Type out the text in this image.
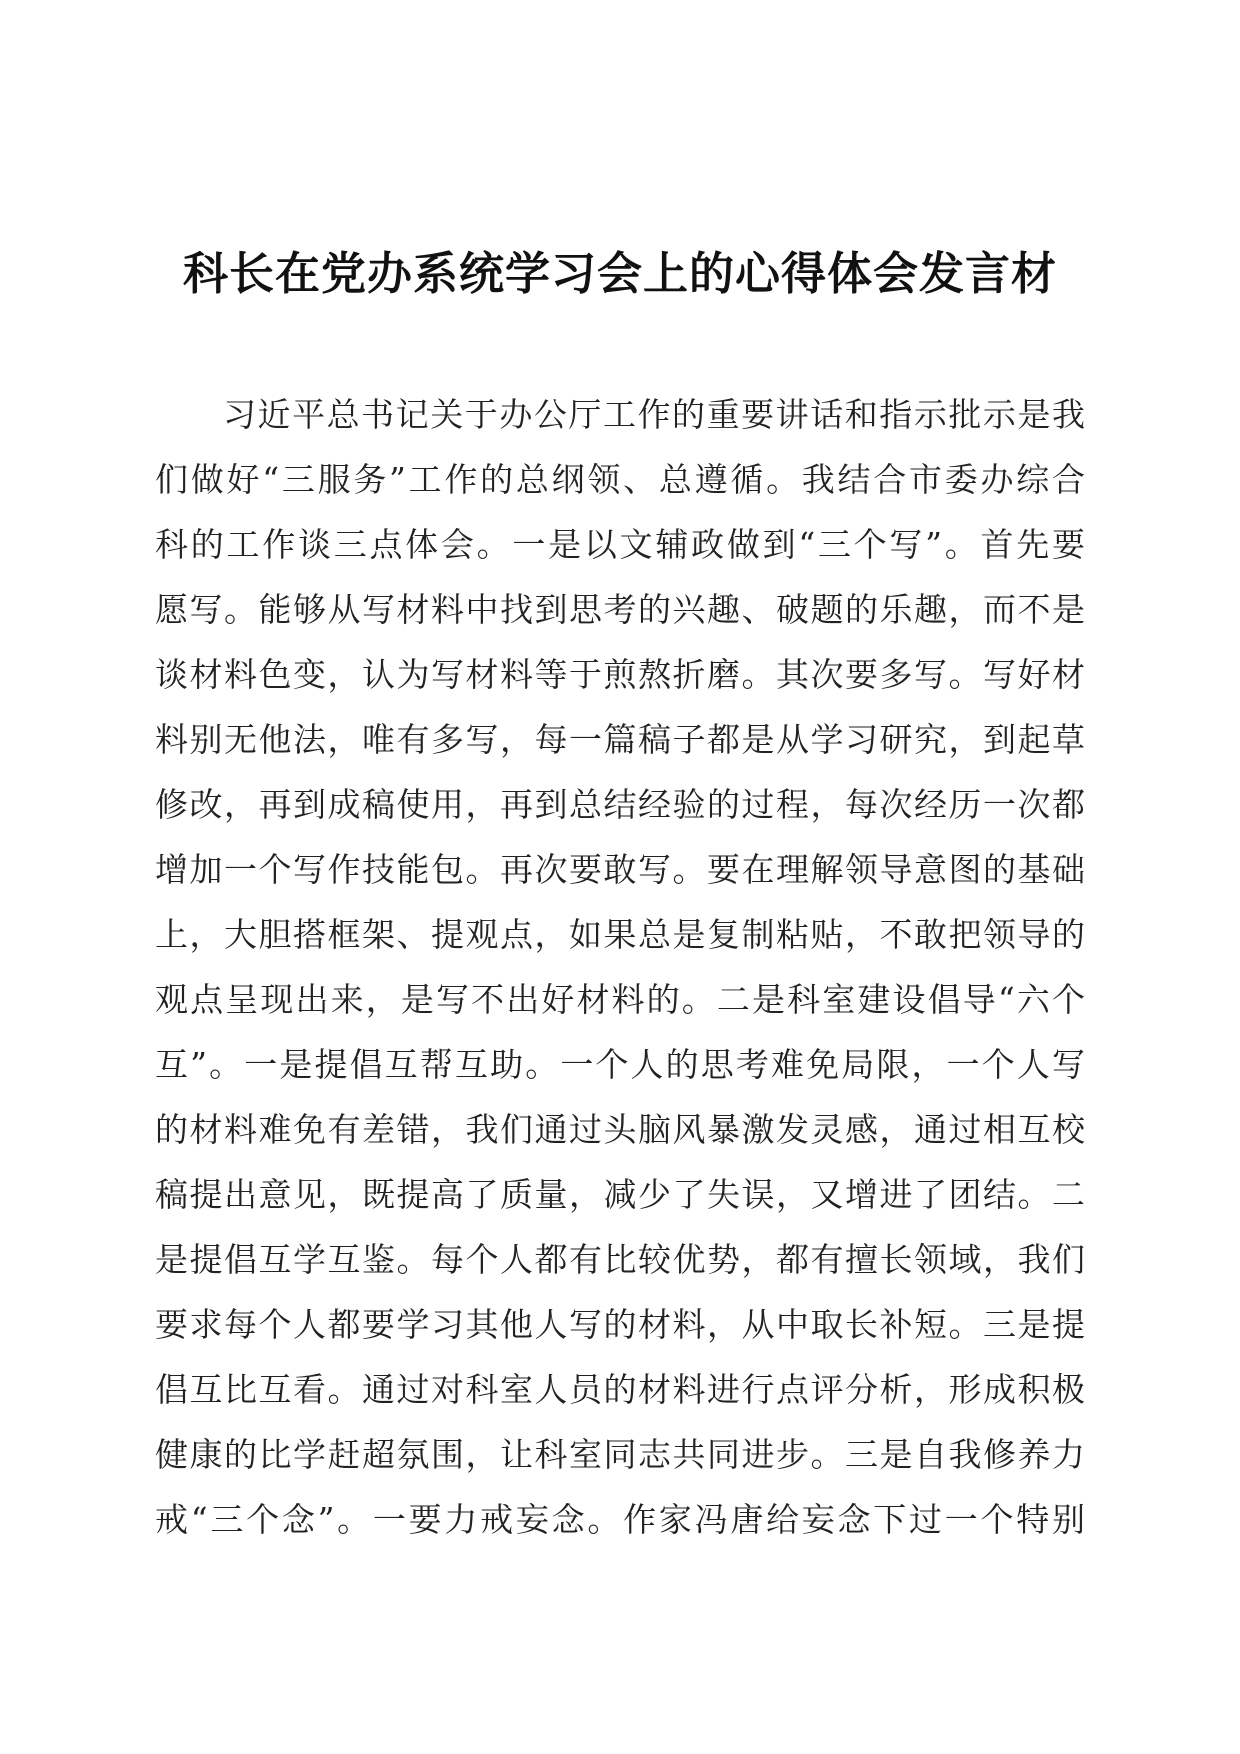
科长在党办系统学习会上的心得体会发言材
习近平总书记关于办公厅工作的重要讲话和指示批示是我
们做好“三服务”工作的总纲领、总遵循。我结合市委办综合
科的工作谈三点体会。一是以文辅政做到“三个写”。首先要
愿写。能够从写材料中找到思考的兴趣、破题的乐趣，而不是
谈材料色变，认为写材料等于煎熬折磨。其次要多写。写好材
料别无他法，唯有多写，每一篇稿子都是从学习研究，到起草
修改，再到成稿使用，再到总结经验的过程，每次经历一次都
增加一个写作技能包。再次要敢写。要在理解领导意图的基础
上，大胆搭框架、提观点，如果总是复制粘贴，不敢把领导的
观点呈现出来，是写不出好材料的。二是科室建设倡导“六个
互”。一是提倡互帮互助。一个人的思考难免局限，一个人写
的材料难免有差错，我们通过头脑风暴激发灵感，通过相互校
稿提出意见，既提高了质量，减少了失误，又增进了团结。二
是提倡互学互鉴。每个人都有比较优势，都有擅长领域，我们
要求每个人都要学习其他人写的材料，从中取长补短。三是提
倡互比互看。通过对科室人员的材料进行点评分析，形成积极
健康的比学赶超氛围，让科室同志共同进步。三是自我修养力
戒“三个念”。一要力戒妄念。作家冯唐给妄念下过一个特别
